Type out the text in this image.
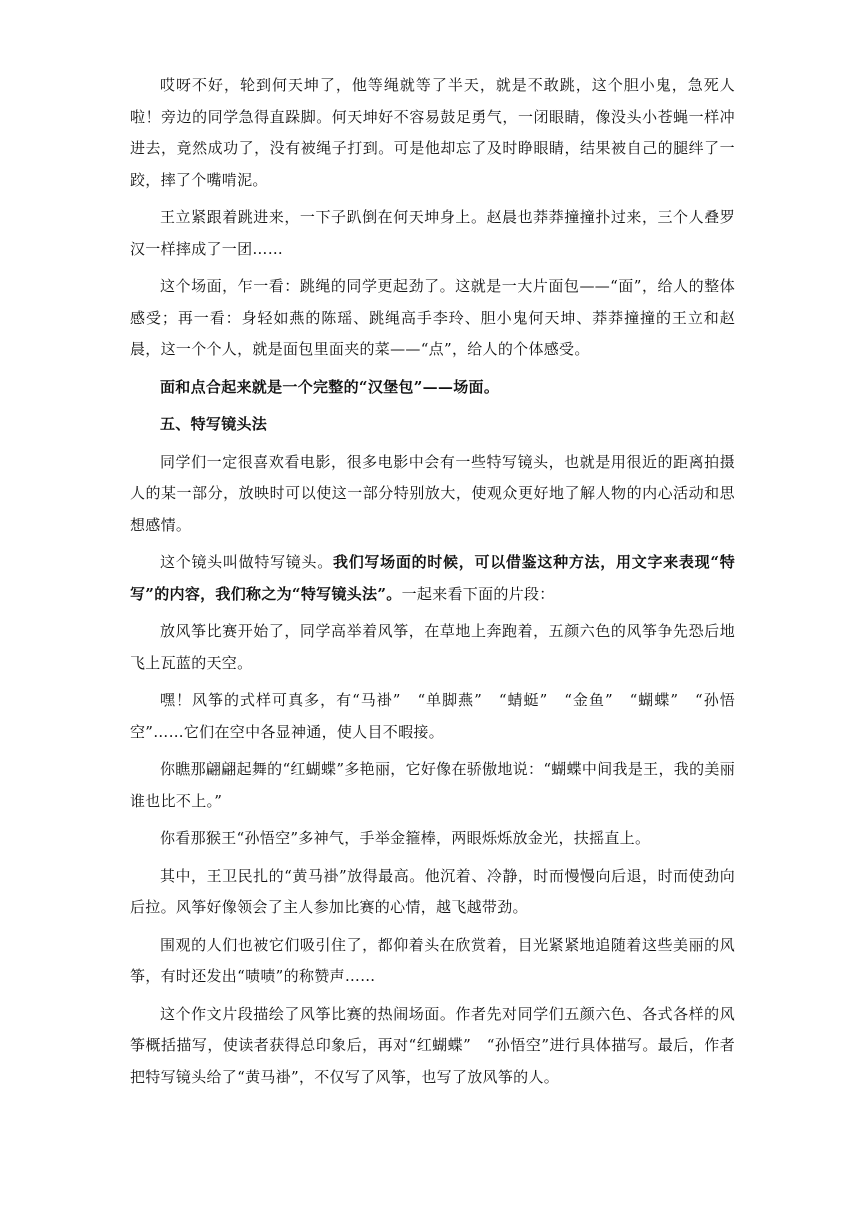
哎呀不好，轮到何天坤了，他等绳就等了半天，就是不敢跳，这个胆小鬼，急死人啦！旁边的同学急得直跺脚。何天坤好不容易鼓足勇气，一闭眼睛，像没头小苍蝇一样冲进去，竟然成功了，没有被绳子打到。可是他却忘了及时睁眼睛，结果被自己的腿绊了一跤，摔了个嘴啃泥。

王立紧跟着跳进来，一下子趴倒在何天坤身上。赵晨也莽莽撞撞扑过来，三个人叠罗汉一样摔成了一团……

这个场面，乍一看：跳绳的同学更起劲了。这就是一大片面包——“面”，给人的整体感受；再一看：身轻如燕的陈瑶、跳绳高手李玲、胆小鬼何天坤、莽莽撞撞的王立和赵晨，这一个个人，就是面包里面夹的菜——“点”，给人的个体感受。

面和点合起来就是一个完整的“汉堡包”——场面。

五、特写镜头法

同学们一定很喜欢看电影，很多电影中会有一些特写镜头，也就是用很近的距离拍摄人的某一部分，放映时可以使这一部分特别放大，使观众更好地了解人物的内心活动和思想感情。

这个镜头叫做特写镜头。我们写场面的时候，可以借鉴这种方法，用文字来表现“特写”的内容，我们称之为“特写镜头法”。一起来看下面的片段：

放风筝比赛开始了，同学高举着风筝，在草地上奔跑着，五颜六色的风筝争先恐后地飞上瓦蓝的天空。

嘿！风筝的式样可真多，有“马褂”　“单脚燕”　“蜻蜓”　“金鱼”　“蝴蝶”　“孙悟空”……它们在空中各显神通，使人目不暇接。

你瞧那翩翩起舞的“红蝴蝶”多艳丽，它好像在骄傲地说：“蝴蝶中间我是王，我的美丽谁也比不上。”

你看那猴王“孙悟空”多神气，手举金箍棒，两眼烁烁放金光，扶摇直上。

其中，王卫民扎的“黄马褂”放得最高。他沉着、冷静，时而慢慢向后退，时而使劲向后拉。风筝好像领会了主人参加比赛的心情，越飞越带劲。

围观的人们也被它们吸引住了，都仰着头在欣赏着，目光紧紧地追随着这些美丽的风筝，有时还发出“啧啧”的称赞声……

这个作文片段描绘了风筝比赛的热闹场面。作者先对同学们五颜六色、各式各样的风筝概括描写，使读者获得总印象后，再对“红蝴蝶”　“孙悟空”进行具体描写。最后，作者把特写镜头给了“黄马褂”，不仅写了风筝，也写了放风筝的人。
